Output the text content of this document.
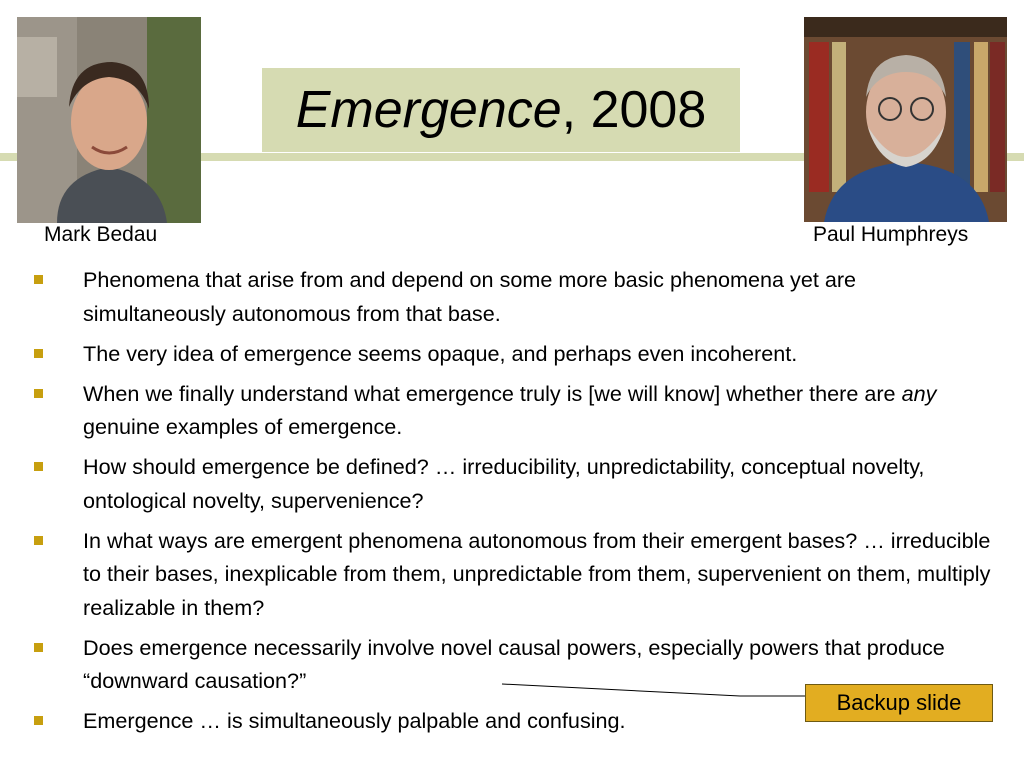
Emergence, 2008
Mark Bedau	Paul Humphreys
Phenomena that arise from and depend on some more basic phenomena yet are simultaneously autonomous from that base.
The very idea of emergence seems opaque, and perhaps even incoherent.
When we finally understand what emergence truly is [we will know] whether there are any genuine examples of emergence.
How should emergence be defined? … irreducibility, unpredictability, conceptual novelty, ontological novelty, supervenience?
In what ways are emergent phenomena autonomous from their emergent bases? … irreducible to their bases, inexplicable from them, unpredictable from them, supervenient on them, multiply realizable in them?
Does emergence necessarily involve novel causal powers, especially powers that produce “downward causation?”
Emergence … is simultaneously palpable and confusing.
Backup slide
